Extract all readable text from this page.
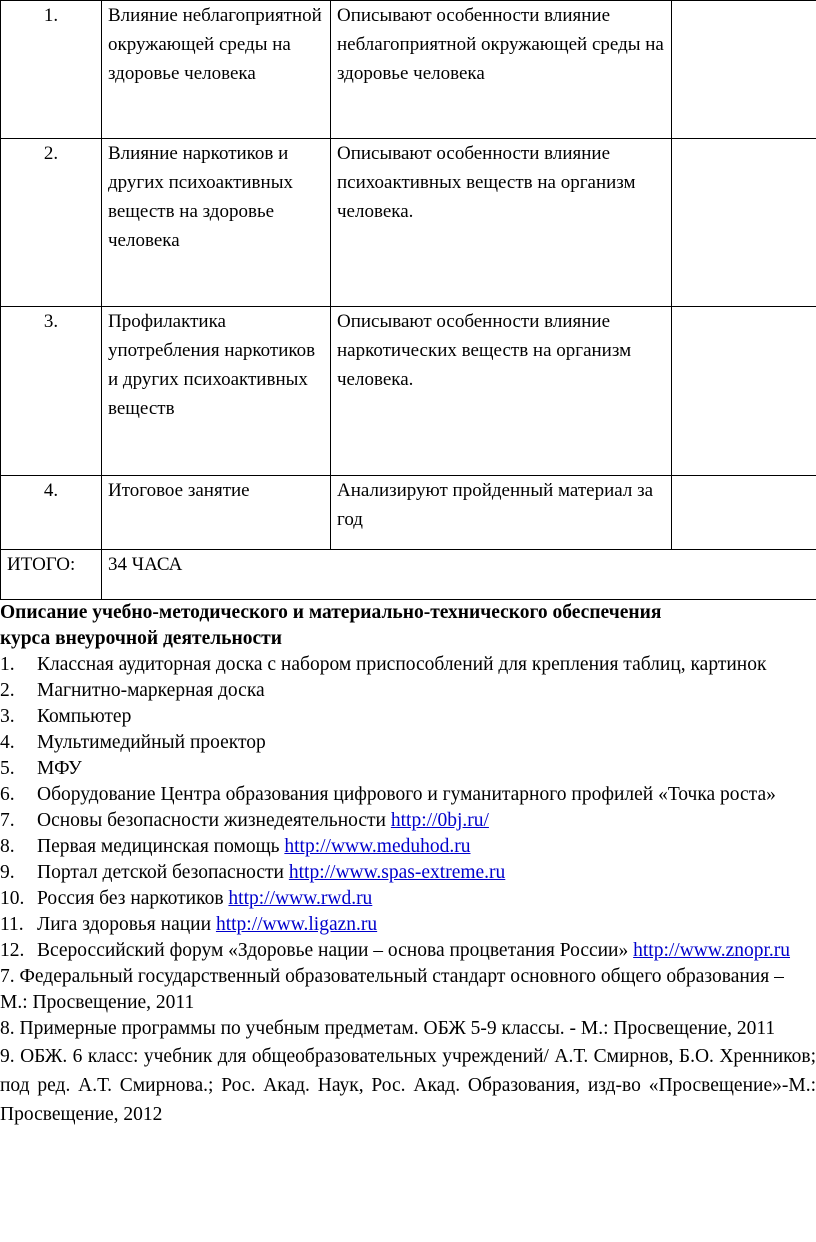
1.	Влияние неблагоприятной окружающей среды на здоровье человека	Описывают особенности влияние неблагоприятной окружающей среды на здоровье человека	
2.	Влияние наркотиков и других психоактивных веществ на здоровье человека	Описывают особенности влияние психоактивных веществ на организм человека.	
3.	Профилактика употребления наркотиков и других психоактивных веществ	Описывают особенности влияние наркотических веществ на организм человека.	
4.	Итоговое занятие	Анализируют пройденный материал за год	
ИТОГО:	34 ЧАСА		

Описание учебно-методического и материально-технического обеспечения
курса внеурочной деятельности

1. Классная аудиторная доска с набором приспособлений для крепления таблиц, картинок

2. Магнитно-маркерная доска

3. Компьютер

4. Мультимедийный проектор

5. МФУ

6. Оборудование Центра образования цифрового и гуманитарного профилей «Точка роста»

7. Основы безопасности жизнедеятельности http://0bj.ru/

8. Первая медицинская помощь http://www.meduhod.ru

9. Портал детской безопасности http://www.spas-extreme.ru

10. Россия без наркотиков http://www.rwd.ru

11. Лига здоровья нации http://www.ligazn.ru

12. Всероссийский форум «Здоровье нации – основа процветания России» http://www.znopr.ru

7. Федеральный государственный образовательный стандарт основного общего образования – М.: Просвещение, 2011

8. Примерные программы по учебным предметам. ОБЖ 5-9 классы. - М.: Просвещение, 2011

9. ОБЖ. 6 класс: учебник для общеобразовательных учреждений/ А.Т. Смирнов, Б.О. Хренников; под ред. А.Т. Смирнова.; Рос. Акад. Наук, Рос. Акад. Образования, изд-во «Просвещение»-М.: Просвещение, 2012
